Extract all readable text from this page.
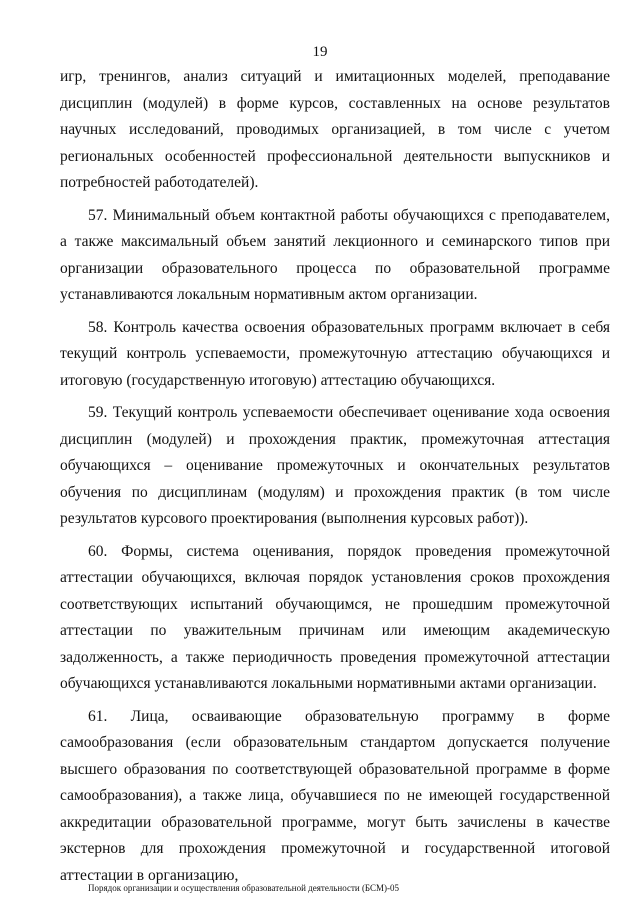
19

игр, тренингов, анализ ситуаций и имитационных моделей, преподавание дисциплин (модулей) в форме курсов, составленных на основе результатов научных исследований, проводимых организацией, в том числе с учетом региональных особенностей профессиональной деятельности выпускников и потребностей работодателей).

57. Минимальный объем контактной работы обучающихся с преподавателем, а также максимальный объем занятий лекционного и семинарского типов при организации образовательного процесса по образовательной программе устанавливаются локальным нормативным актом организации.

58. Контроль качества освоения образовательных программ включает в себя текущий контроль успеваемости, промежуточную аттестацию обучающихся и итоговую (государственную итоговую) аттестацию обучающихся.

59. Текущий контроль успеваемости обеспечивает оценивание хода освоения дисциплин (модулей) и прохождения практик, промежуточная аттестация обучающихся – оценивание промежуточных и окончательных результатов обучения по дисциплинам (модулям) и прохождения практик (в том числе результатов курсового проектирования (выполнения курсовых работ)).

60. Формы, система оценивания, порядок проведения промежуточной аттестации обучающихся, включая порядок установления сроков прохождения соответствующих испытаний обучающимся, не прошедшим промежуточной аттестации по уважительным причинам или имеющим академическую задолженность, а также периодичность проведения промежуточной аттестации обучающихся устанавливаются локальными нормативными актами организации.

61. Лица, осваивающие образовательную программу в форме самообразования (если образовательным стандартом допускается получение высшего образования по соответствующей образовательной программе в форме самообразования), а также лица, обучавшиеся по не имеющей государственной аккредитации образовательной программе, могут быть зачислены в качестве экстернов для прохождения промежуточной и государственной итоговой аттестации в организацию,

Порядок организации и осуществления образовательной деятельности (БСМ)-05
